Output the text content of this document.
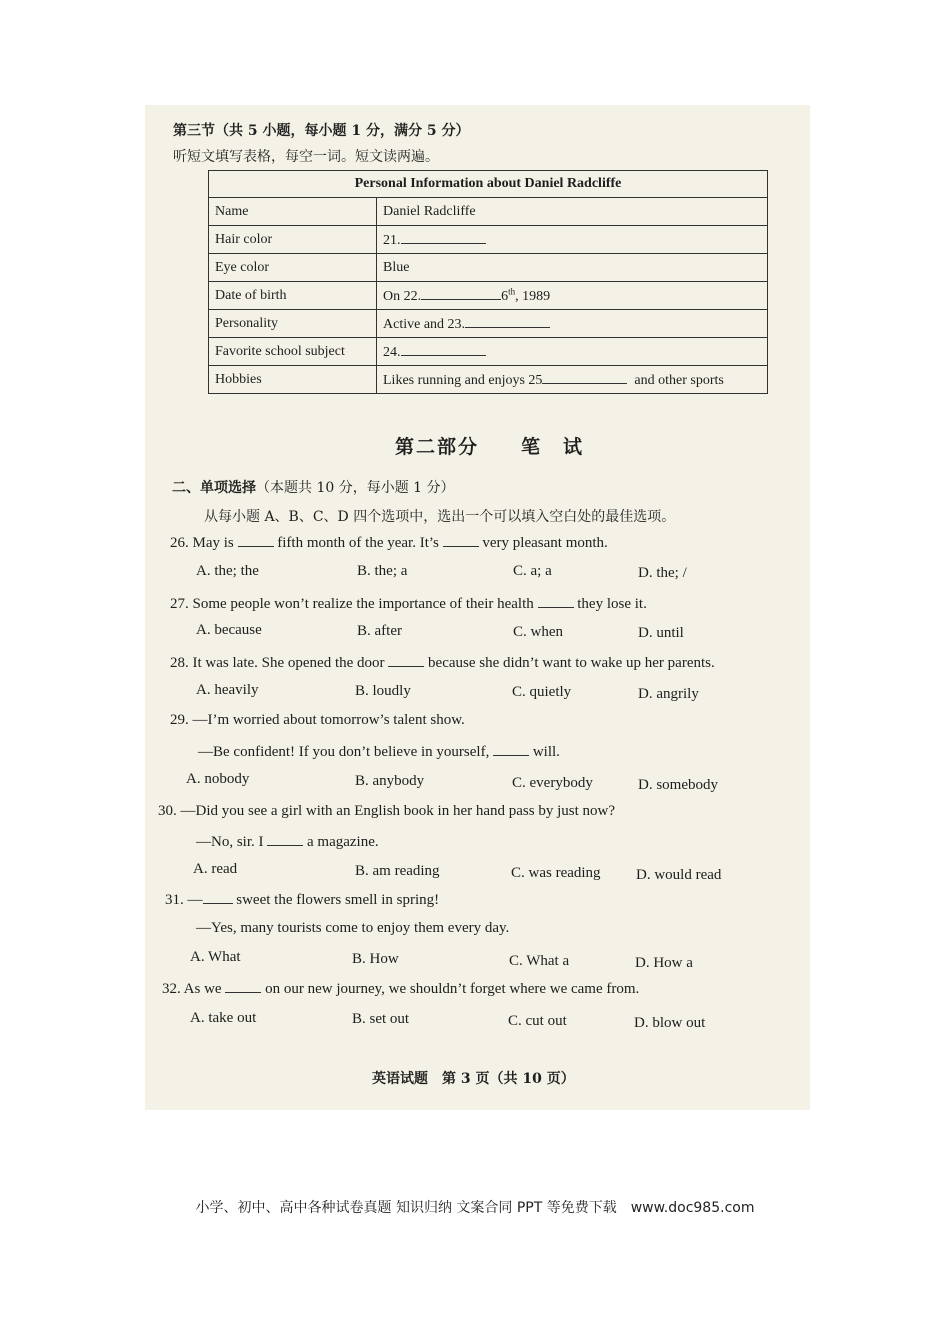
第三节（共 5 小题，每小题 1 分，满分 5 分）
听短文填写表格，每空一词。短文读两遍。
Personal Information about Daniel Radcliffe	
Name	Daniel Radcliffe
Hair color	21.
Eye color	Blue
Date of birth	On 22. 6th, 1989
Personality	Active and 23.
Favorite school subject	24.
Hobbies	Likes running and enjoys 25 and other sports
第二部分　　笔　试
二、单项选择（本题共 10 分，每小题 1 分）
从每小题 A、B、C、D 四个选项中，选出一个可以填入空白处的最佳选项。
26. May is	fifth month of the year. It’s	very pleasant month.
A. the; the	B. the; a	C. a; a	D. the; /
27. Some people won’t realize the importance of their health	they lose it.
A. because	B. after	C. when	D. until
28. It was late. She opened the door	because she didn’t want to wake up her parents.
A. heavily	B. loudly	C. quietly	D. angrily
29. —I’m worried about tomorrow’s talent show.
—Be confident! If you don’t believe in yourself,	will.
A. nobody	B. anybody	C. everybody	D. somebody
30. —Did you see a girl with an English book in her hand pass by just now?
—No, sir. I	a magazine.
A. read	B. am reading	C. was reading D. would read
31. — sweet the flowers smell in spring!
—Yes, many tourists come to enjoy them every day.
A. What	B. How	C. What a	D. How a
32. As we	on our new journey, we shouldn’t forget where we came from.
A. take out	B. set out	C. cut out	D. blow out
英语试题　第 3 页（共 10 页）
小学、初中、高中各种试卷真题 知识归纳 文案合同 PPT 等免费下载　www.doc985.com
